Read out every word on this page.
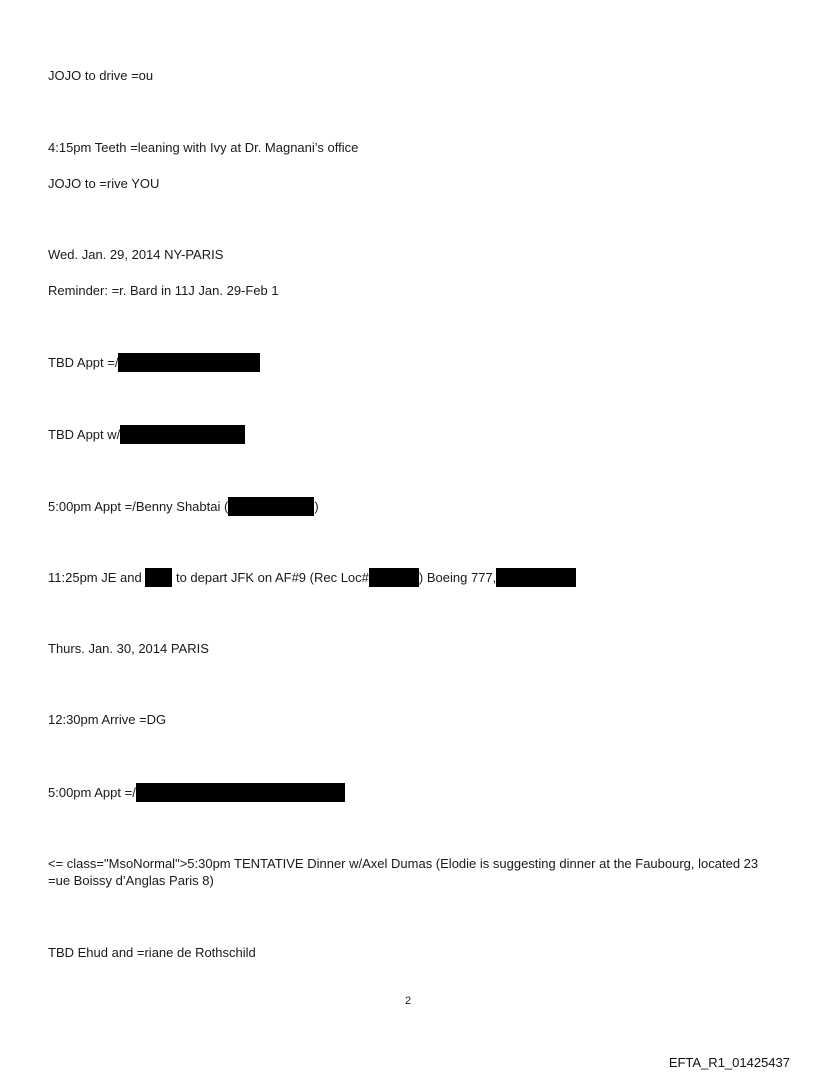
JOJO to drive =ou
4:15pm Teeth =leaning with Ivy at Dr. Magnani’s office
JOJO to =rive YOU
Wed. Jan. 29, 2014 NY-PARIS
Reminder: =r. Bard in 11J Jan. 29-Feb 1
TBD Appt =/
TBD Appt w/
5:00pm Appt =/Benny Shabtai (	)
11:25pm JE and  to depart JFK on AF#9 (Rec Loc#	) Boeing 777,
Thurs. Jan. 30, 2014 PARIS
12:30pm Arrive =DG
5:00pm Appt =/
<= class="MsoNormal">5:30pm TENTATIVE Dinner w/Axel Dumas (Elodie is suggesting dinner at the Faubourg, located 23 =ue Boissy d’Anglas Paris 8)
TBD Ehud and =riane de Rothschild
2
EFTA_R1_01425437
